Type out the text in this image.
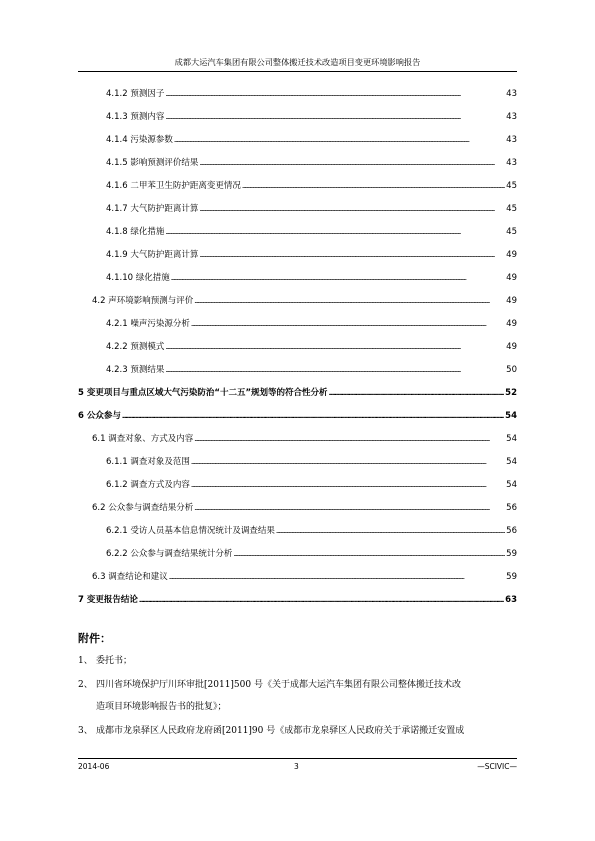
成都大运汽车集团有限公司整体搬迁技术改造项目变更环境影响报告
4.1.2 预测因子 . . .	43
4.1.3 预测内容 . . .	43
4.1.4 污染源参数 . . .	43
4.1.5 影响预测评价结果 . . .	43
4.1.6 二甲苯卫生防护距离变更情况 . . .	45
4.1.7 大气防护距离计算 . . .	45
4.1.8 绿化措施 . . .	45
4.1.9 大气防护距离计算 . . .	49
4.1.10 绿化措施 . . .	49
4.2 声环境影响预测与评价 . . .	49
4.2.1 噪声污染源分析 . . .	49
4.2.2 预测模式 . . .	49
4.2.3 预测结果 . . .	50
5 变更项目与重点区域大气污染防治“十二五”规划等的符合性分析 . . .	52
6 公众参与 . . .	54
6.1 调查对象、方式及内容 . . .	54
6.1.1 调查对象及范围 . . .	54
6.1.2 调查方式及内容 . . .	54
6.2 公众参与调查结果分析 . . .	56
6.2.1 受访人员基本信息情况统计及调查结果 . . .	56
6.2.2 公众参与调查结果统计分析 . . .	59
6.3 调查结论和建议 . . .	59
7 变更报告结论 . . .	63
附件：
1、 委托书；
2、 四川省环境保护厅川环审批[2011]500 号《关于成都大运汽车集团有限公司整体搬迁技术改
造项目环境影响报告书的批复》；
3、 成都市龙泉驿区人民政府龙府函[2011]90 号《成都市龙泉驿区人民政府关于承诺搬迁安置成
2014-06	3	—SCIVIC—
